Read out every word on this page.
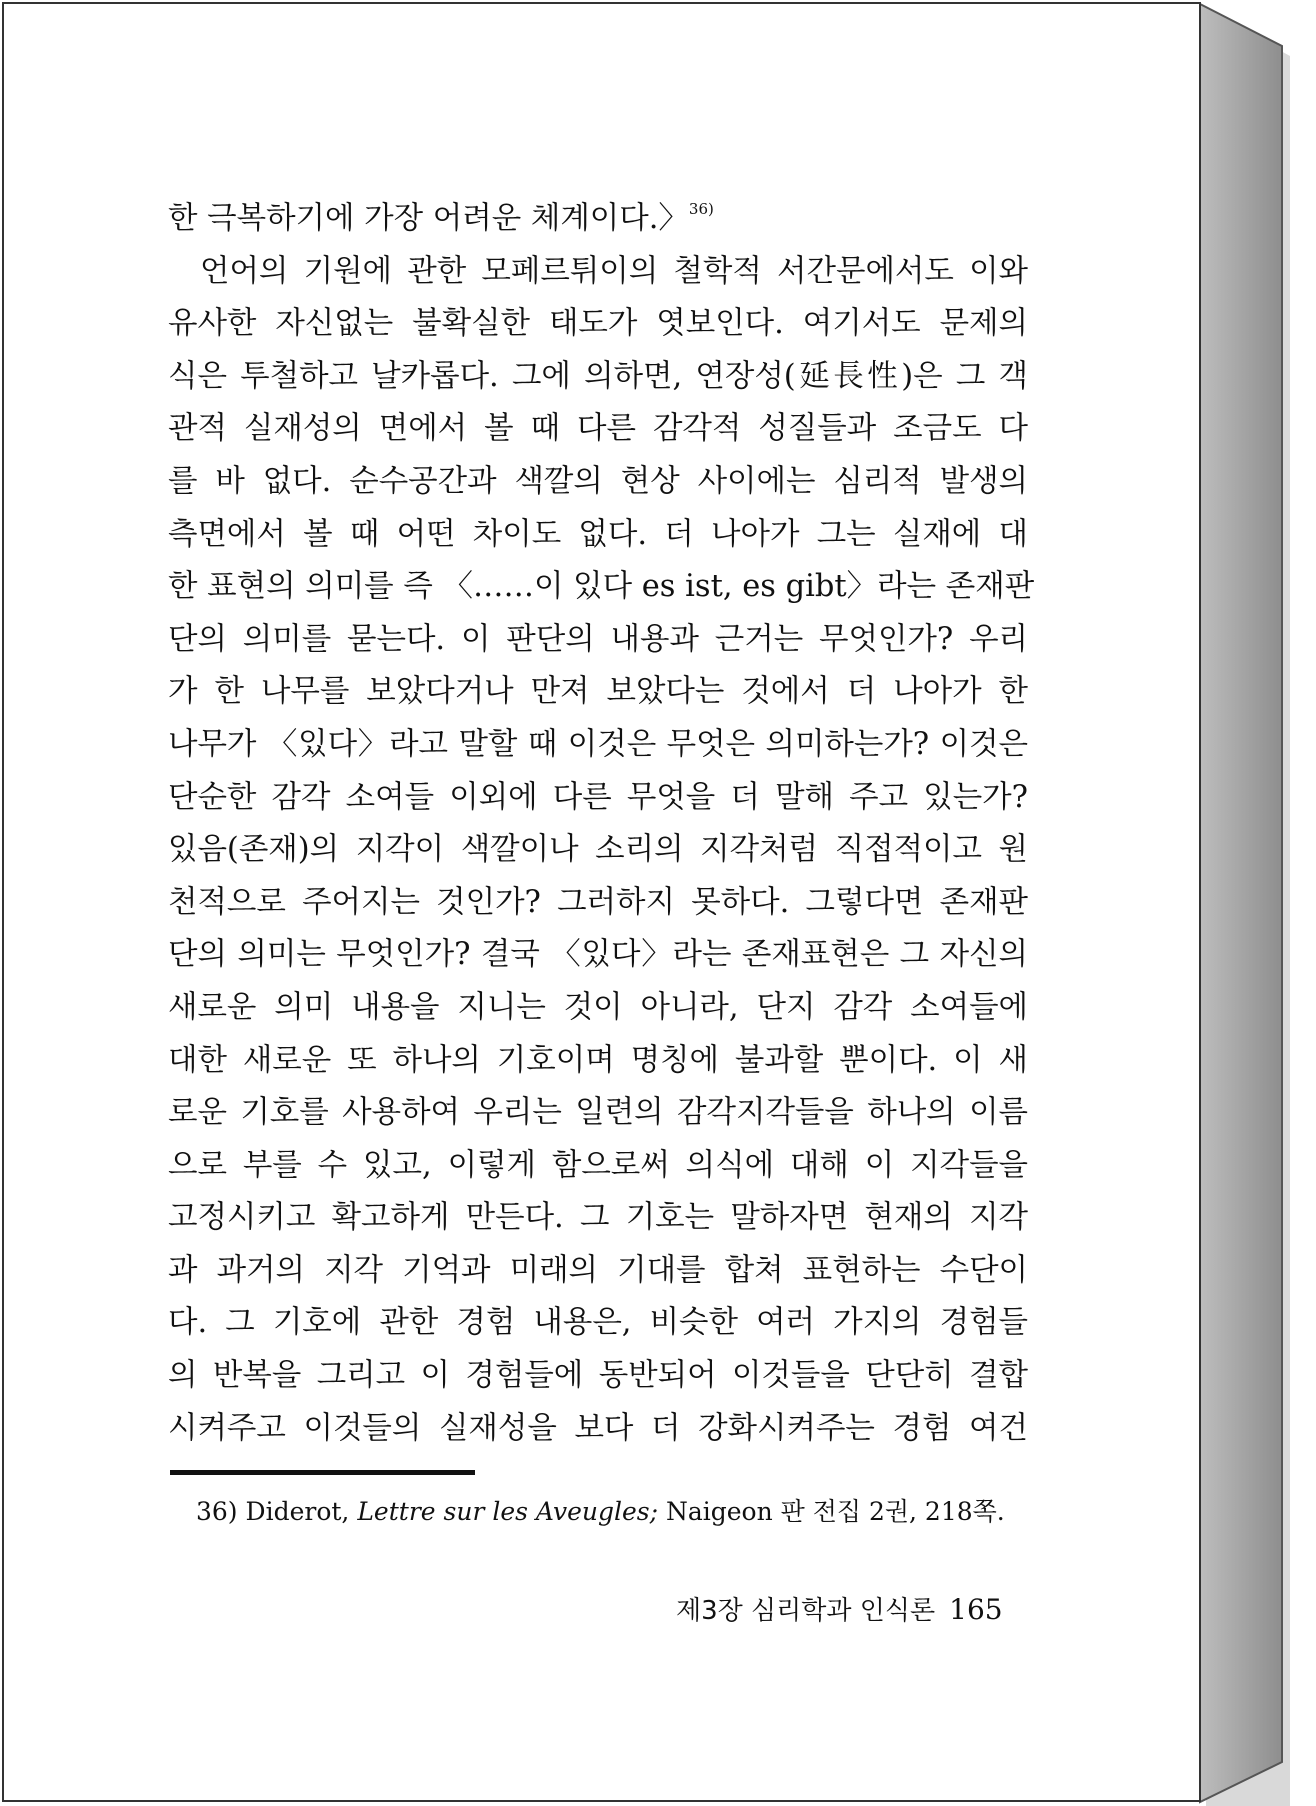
한 극복하기에 가장 어려운 체계이다.〉$^{36)}$
언어의 기원에 관한 모페르튀이의 철학적 서간문에서도 이와
유사한 자신없는 불확실한 태도가 엿보인다. 여기서도 문제의
식은 투철하고 날카롭다. 그에 의하면, 연장성(延長性)은 그 객
관적 실재성의 면에서 볼 때 다른 감각적 성질들과 조금도 다
를 바 없다. 순수공간과 색깔의 현상 사이에는 심리적 발생의
측면에서 볼 때 어떤 차이도 없다. 더 나아가 그는 실재에 대
한 표현의 의미를 즉 〈……이 있다 es ist, es gibt〉라는 존재판
단의 의미를 묻는다. 이 판단의 내용과 근거는 무엇인가? 우리
가 한 나무를 보았다거나 만져 보았다는 것에서 더 나아가 한
나무가 〈있다〉라고 말할 때 이것은 무엇은 의미하는가? 이것은
단순한 감각 소여들 이외에 다른 무엇을 더 말해 주고 있는가?
있음(존재)의 지각이 색깔이나 소리의 지각처럼 직접적이고 원
천적으로 주어지는 것인가? 그러하지 못하다. 그렇다면 존재판
단의 의미는 무엇인가? 결국 〈있다〉라는 존재표현은 그 자신의
새로운 의미 내용을 지니는 것이 아니라, 단지 감각 소여들에
대한 새로운 또 하나의 기호이며 명칭에 불과할 뿐이다. 이 새
로운 기호를 사용하여 우리는 일련의 감각지각들을 하나의 이름
으로 부를 수 있고, 이렇게 함으로써 의식에 대해 이 지각들을
고정시키고 확고하게 만든다. 그 기호는 말하자면 현재의 지각
과 과거의 지각 기억과 미래의 기대를 합쳐 표현하는 수단이
다. 그 기호에 관한 경험 내용은, 비슷한 여러 가지의 경험들
의 반복을 그리고 이 경험들에 동반되어 이것들을 단단히 결합
시켜주고 이것들의 실재성을 보다 더 강화시켜주는 경험 여건
36) Diderot, Lettre sur les Aveugles; Naigeon 판 전집 2권, 218쪽.
제3장 심리학과 인식론 165
